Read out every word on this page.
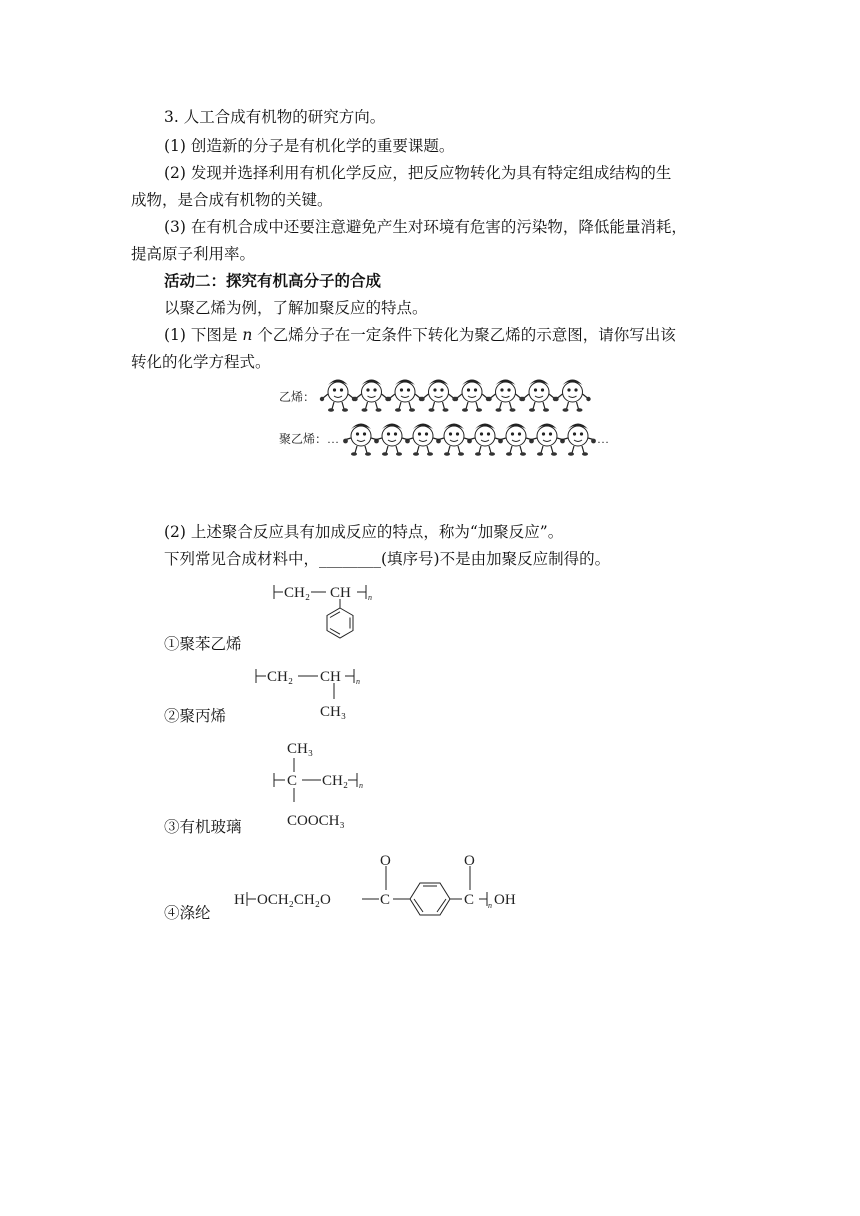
3. 人工合成有机物的研究方向。
(1) 创造新的分子是有机化学的重要课题。
(2) 发现并选择利用有机化学反应，把反应物转化为具有特定组成结构的生
成物，是合成有机物的关键。
(3) 在有机合成中还要注意避免产生对环境有危害的污染物，降低能量消耗，
提高原子利用率。
活动二：探究有机高分子的合成
以聚乙烯为例，了解加聚反应的特点。
(1) 下图是 n 个乙烯分子在一定条件下转化为聚乙烯的示意图，请你写出该
转化的化学方程式。
乙烯：
聚乙烯：…	…
(2) 上述聚合反应具有加成反应的特点，称为“加聚反应”。
下列常见合成材料中，________(填序号)不是由加聚反应制得的。
CH₂ CH n
①聚苯乙烯
CH₂ CH
CH₃
n
②聚丙烯
CH₃
C CH₂
COOCH₃
n
③有机玻璃
H OCH₂CH₂O
O
C
O
C n OH
④涤纶
